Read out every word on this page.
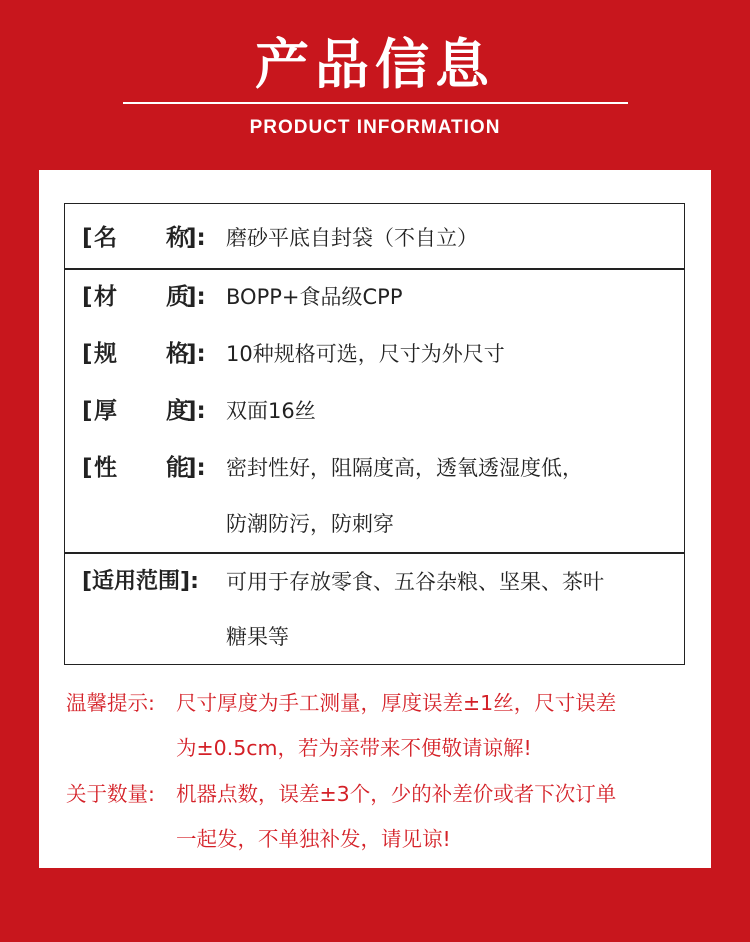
产品信息
PRODUCT INFORMATION
[ 名 称
]: 磨砂平底自封袋（不自立）
[ 材 质
]: BOPP+食品级CPP
[ 规 格
]: 10种规格可选，尺寸为外尺寸
[ 厚 度
]: 双面16丝
[ 性 能
]: 密封性好，阻隔度高，透氧透湿度低，
防潮防污，防刺穿
[适用范围]: 可用于存放零食、五谷杂粮、坚果、茶叶
糖果等
温馨提示: 尺寸厚度为手工测量，厚度误差±1丝，尺寸误差
为±0.5cm，若为亲带来不便敬请谅解!
关于数量: 机器点数，误差±3个，少的补差价或者下次订单
一起发，不单独补发，请见谅!
